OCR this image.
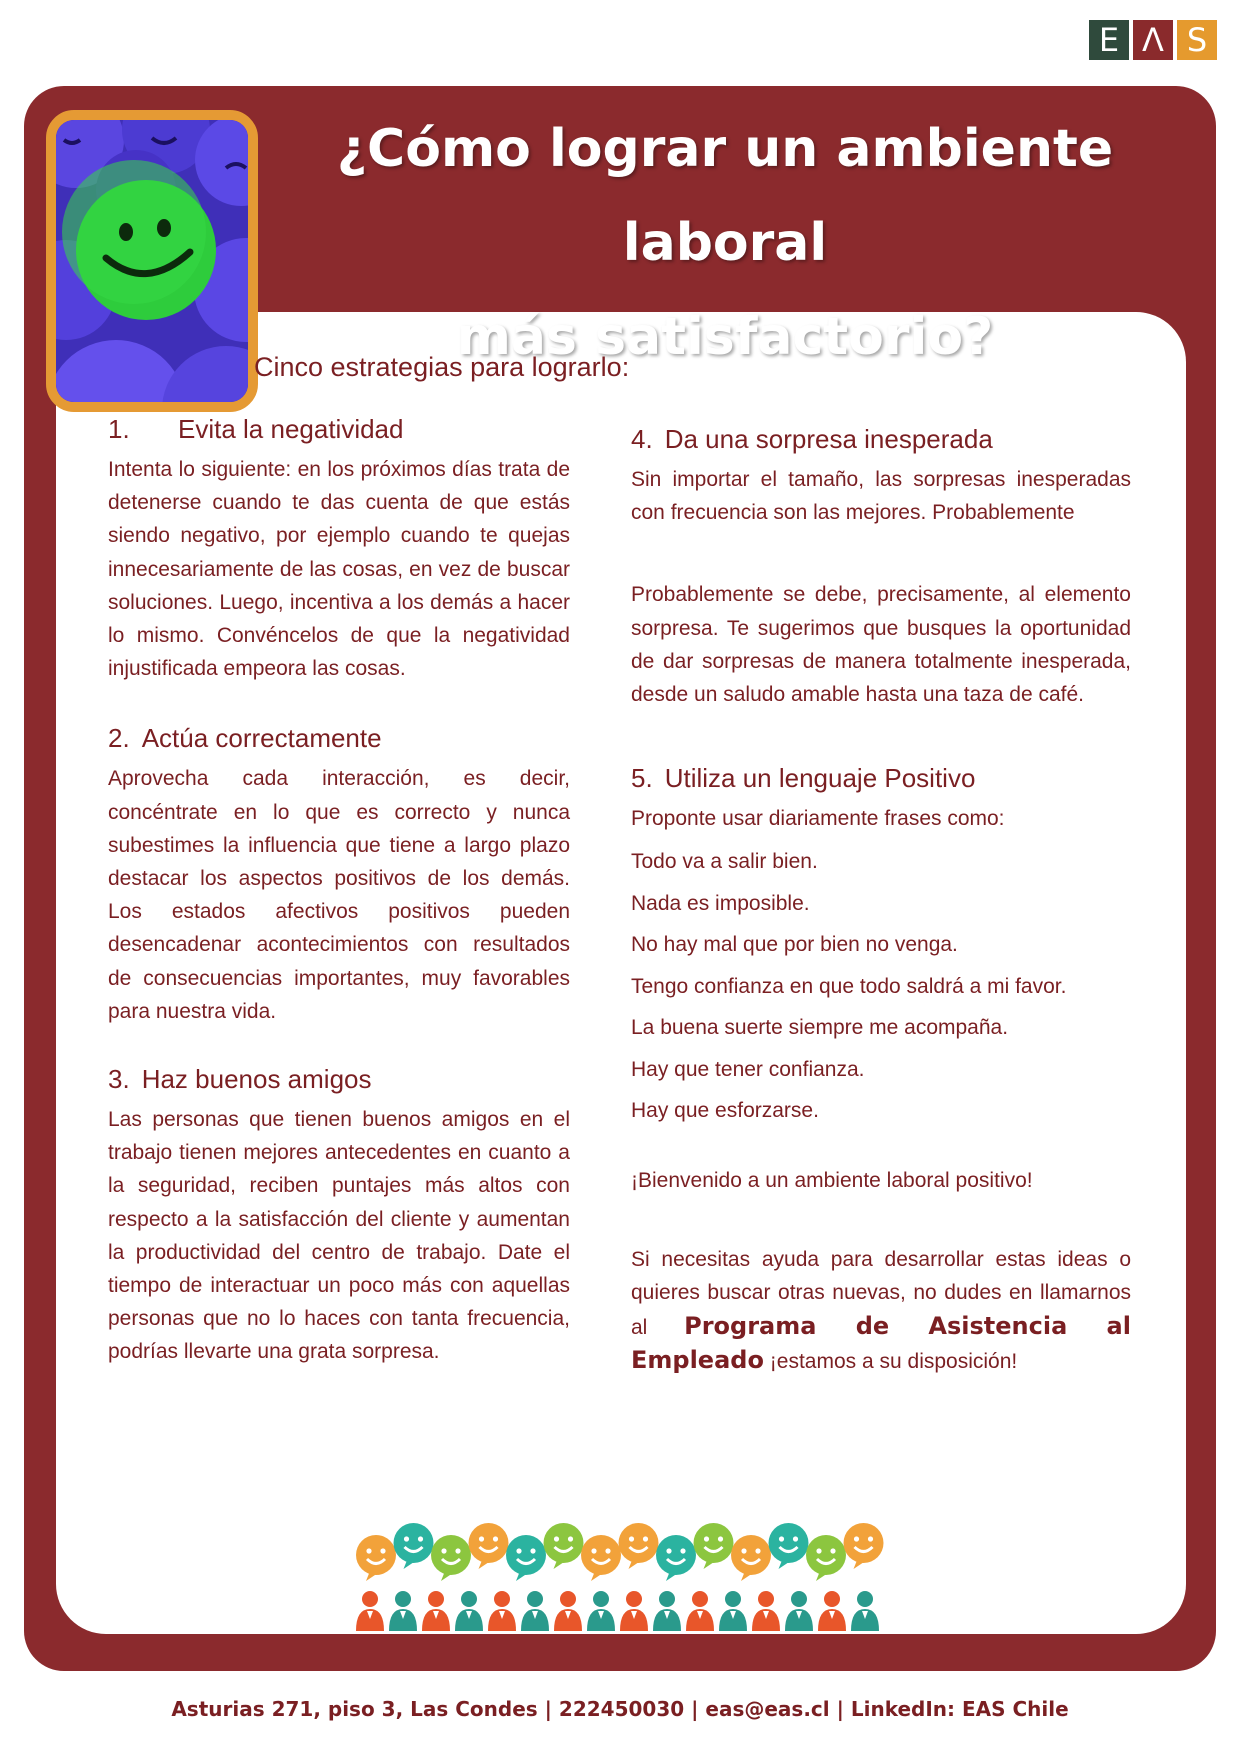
E Λ S
¿Cómo lograr un ambiente laboral
más satisfactorio?
Cinco estrategias para lograrlo:
1.	Evita la negatividad

Intenta lo siguiente: en los próximos días trata de detenerse cuando te das cuenta de que estás siendo negativo, por ejemplo cuando te quejas innecesariamente de las cosas, en vez de buscar soluciones. Luego, incentiva a los demás a hacer lo mismo. Convéncelos de que la negatividad injustificada empeora las cosas.

2. Actúa correctamente

Aprovecha cada interacción, es decir, concéntrate en lo que es correcto y nunca subestimes la influencia que tiene a largo plazo destacar los aspectos positivos de los demás. Los estados afectivos positivos pueden desencadenar acontecimientos con resultados de consecuencias importantes, muy favorables para nuestra vida.

3. Haz buenos amigos

Las personas que tienen buenos amigos en el trabajo tienen mejores antecedentes en cuanto a la seguridad, reciben puntajes más altos con respecto a la satisfacción del cliente y aumentan la productividad del centro de trabajo. Date el tiempo de interactuar un poco más con aquellas personas que no lo haces con tanta frecuencia, podrías llevarte una grata sorpresa.

4. Da una sorpresa inesperada

Sin importar el tamaño, las sorpresas inesperadas con frecuencia son las mejores. Probablemente

Probablemente se debe, precisamente, al elemento sorpresa. Te sugerimos que busques la oportunidad de dar sorpresas de manera totalmente inesperada, desde un saludo amable hasta una taza de café.

5. Utiliza un lenguaje Positivo

Proponte usar diariamente frases como:

Todo va a salir bien.

Nada es imposible.

No hay mal que por bien no venga.

Tengo confianza en que todo saldrá a mi favor.

La buena suerte siempre me acompaña.

Hay que tener confianza.

Hay que esforzarse.

¡Bienvenido a un ambiente laboral positivo!

Si necesitas ayuda para desarrollar estas ideas o quieres buscar otras nuevas, no dudes en llamarnos al Programa de Asistencia al Empleado ¡estamos a su disposición!

Asturias 271, piso 3, Las Condes | 222450030 | eas@eas.cl | LinkedIn: EAS Chile
